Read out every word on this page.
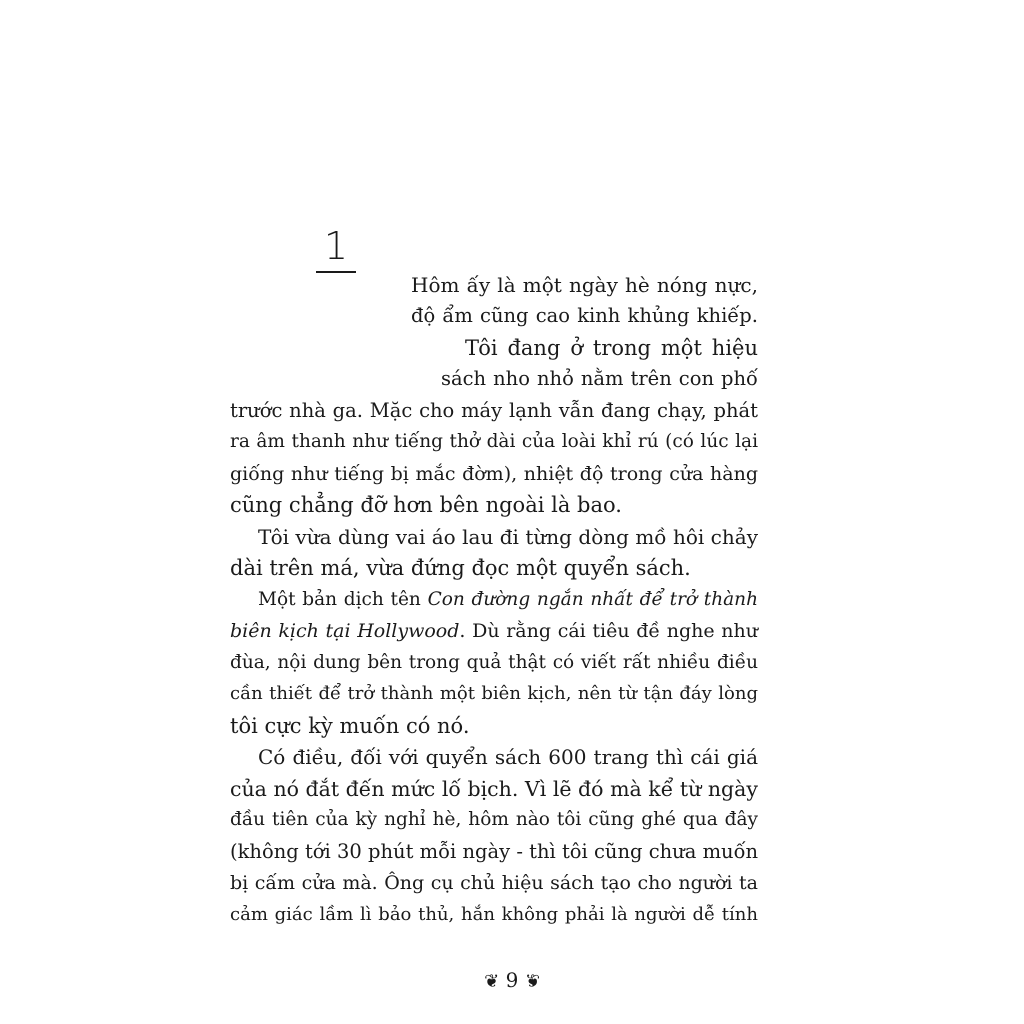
1
Hôm ấy là một ngày hè nóng nực,
độ ẩm cũng cao kinh khủng khiếp.
Tôi đang ở trong một hiệu
sách nho nhỏ nằm trên con phố
trước nhà ga. Mặc cho máy lạnh vẫn đang chạy, phát
ra âm thanh như tiếng thở dài của loài khỉ rú (có lúc lại
giống như tiếng bị mắc đờm), nhiệt độ trong cửa hàng
cũng chẳng đỡ hơn bên ngoài là bao.
Tôi vừa dùng vai áo lau đi từng dòng mồ hôi chảy
dài trên má, vừa đứng đọc một quyển sách.
Một bản dịch tên Con đường ngắn nhất để trở thành
biên kịch tại Hollywood. Dù rằng cái tiêu đề nghe như
đùa, nội dung bên trong quả thật có viết rất nhiều điều
cần thiết để trở thành một biên kịch, nên từ tận đáy lòng
tôi cực kỳ muốn có nó.
Có điều, đối với quyển sách 600 trang thì cái giá
của nó đắt đến mức lố bịch. Vì lẽ đó mà kể từ ngày
đầu tiên của kỳ nghỉ hè, hôm nào tôi cũng ghé qua đây
(không tới 30 phút mỗi ngày - thì tôi cũng chưa muốn
bị cấm cửa mà. Ông cụ chủ hiệu sách tạo cho người ta
cảm giác lầm lì bảo thủ, hắn không phải là người dễ tính
❦ 9 ❦
